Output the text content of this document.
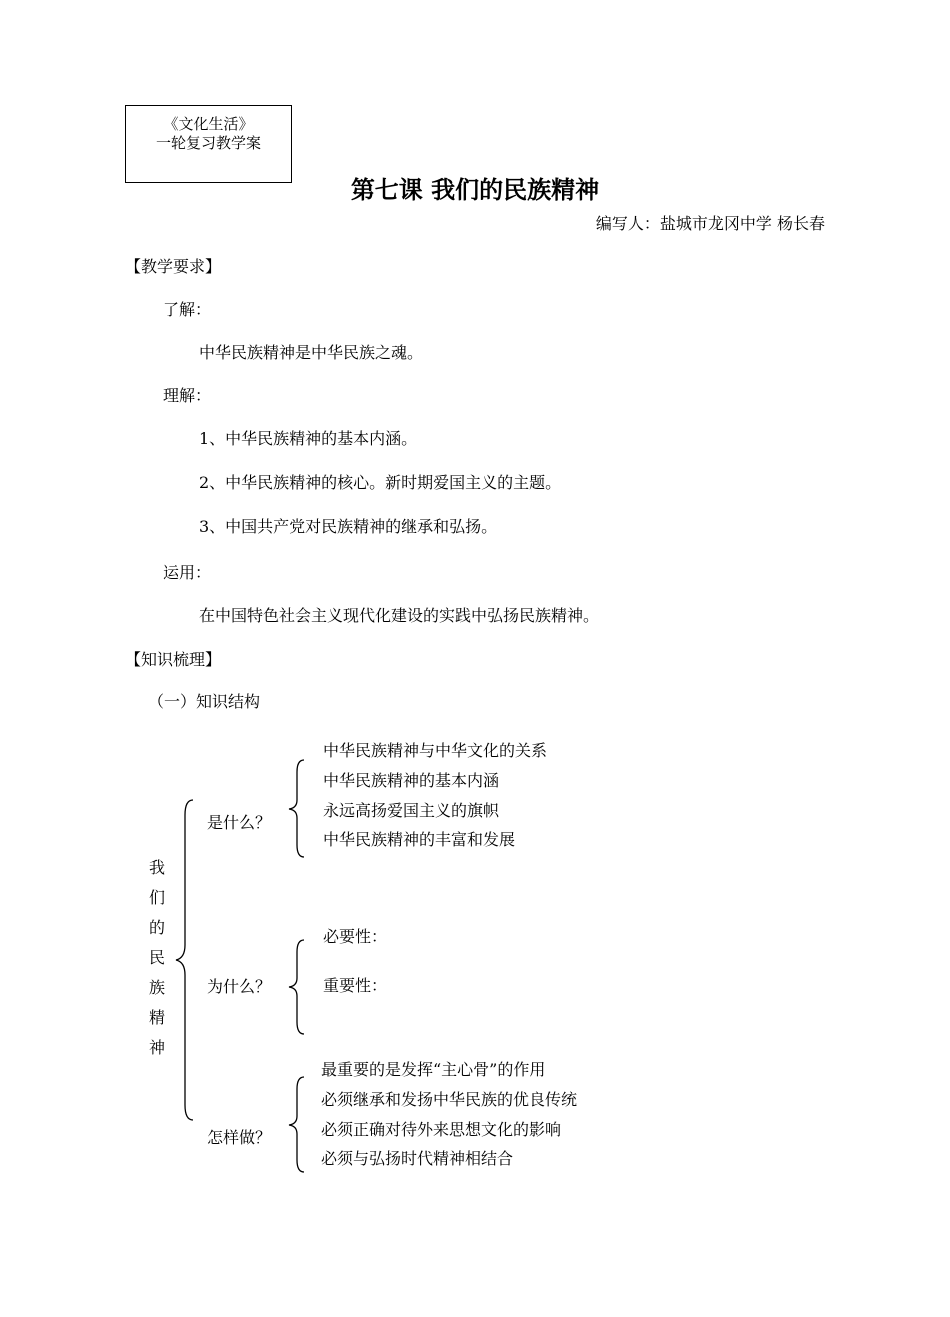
《文化生活》
一轮复习教学案
第七课 我们的民族精神
编写人：盐城市龙冈中学 杨长春
【教学要求】
了解：
中华民族精神是中华民族之魂。
理解：
1、中华民族精神的基本内涵。
2、中华民族精神的核心。新时期爱国主义的主题。
3、中国共产党对民族精神的继承和弘扬。
运用：
在中国特色社会主义现代化建设的实践中弘扬民族精神。
【知识梳理】
（一）知识结构
我
们
的
民
族
精
神
是什么？
中华民族精神与中华文化的关系
中华民族精神的基本内涵
永远高扬爱国主义的旗帜
中华民族精神的丰富和发展
为什么？
必要性：
重要性：
怎样做？
最重要的是发挥“主心骨”的作用
必须继承和发扬中华民族的优良传统
必须正确对待外来思想文化的影响
必须与弘扬时代精神相结合
